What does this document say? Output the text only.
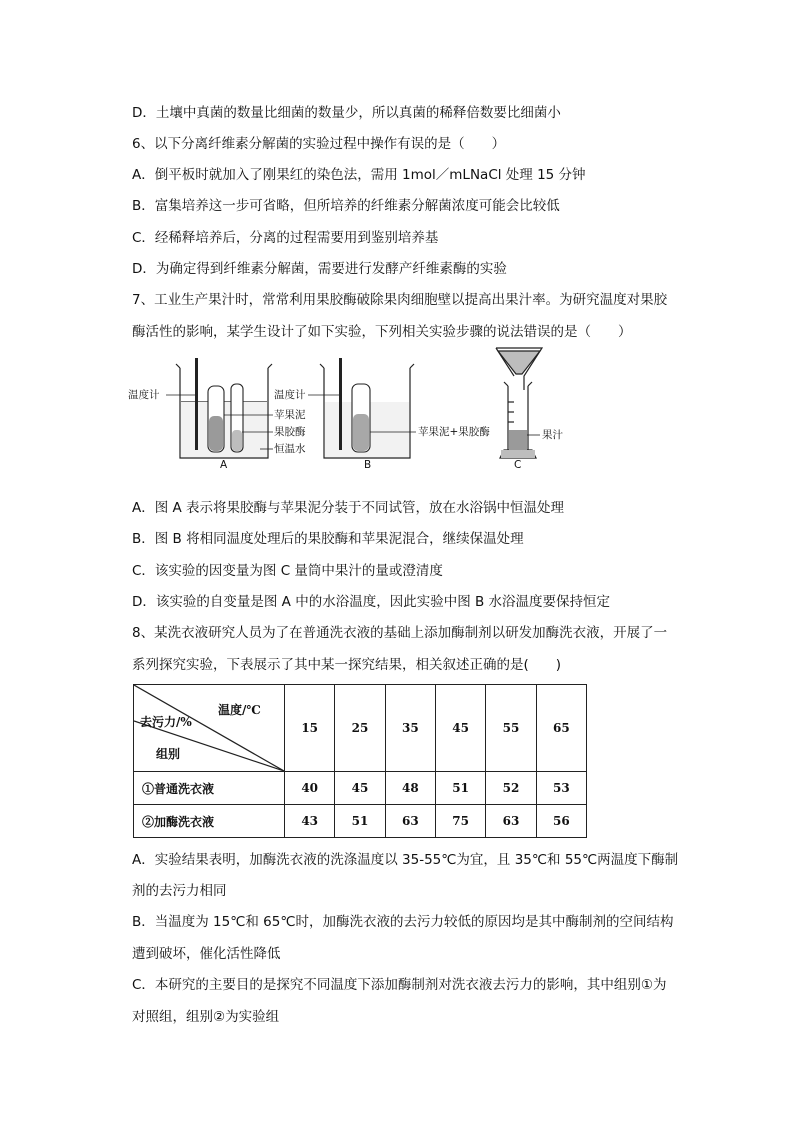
D．土壤中真菌的数量比细菌的数量少，所以真菌的稀释倍数要比细菌小
6、以下分离纤维素分解菌的实验过程中操作有误的是（　　）
A．倒平板时就加入了刚果红的染色法，需用 1mol／mLNaCl 处理 15 分钟
B．富集培养这一步可省略，但所培养的纤维素分解菌浓度可能会比较低
C．经稀释培养后，分离的过程需要用到鉴别培养基
D．为确定得到纤维素分解菌，需要进行发酵产纤维素酶的实验
7、工业生产果汁时，常常利用果胶酶破除果肉细胞壁以提高出果汁率。为研究温度对果胶
酶活性的影响，某学生设计了如下实验，下列相关实验步骤的说法错误的是（　　）
温度计
A
温度计
苹果泥
果胶酶
恒温水
苹果泥+果胶酶
B
果汁
C
A．图 A 表示将果胶酶与苹果泥分装于不同试管，放在水浴锅中恒温处理
B．图 B 将相同温度处理后的果胶酶和苹果泥混合，继续保温处理
C．该实验的因变量为图 C 量筒中果汁的量或澄清度
D．该实验的自变量是图 A 中的水浴温度，因此实验中图 B 水浴温度要保持恒定
8、某洗衣液研究人员为了在普通洗衣液的基础上添加酶制剂以研发加酶洗衣液，开展了一
系列探究实验，下表展示了其中某一探究结果，相关叙述正确的是(　　)
温度/℃
去污力/%
组别	15	25	35	45	55	65
①普通洗衣液	40	45	48	51	52	53
②加酶洗衣液	43	51	63	75	63	56
A．实验结果表明，加酶洗衣液的洗涤温度以 35-55℃为宜，且 35℃和 55℃两温度下酶制
剂的去污力相同
B．当温度为 15℃和 65℃时，加酶洗衣液的去污力较低的原因均是其中酶制剂的空间结构
遭到破坏，催化活性降低
C．本研究的主要目的是探究不同温度下添加酶制剂对洗衣液去污力的影响，其中组别①为
对照组，组别②为实验组
